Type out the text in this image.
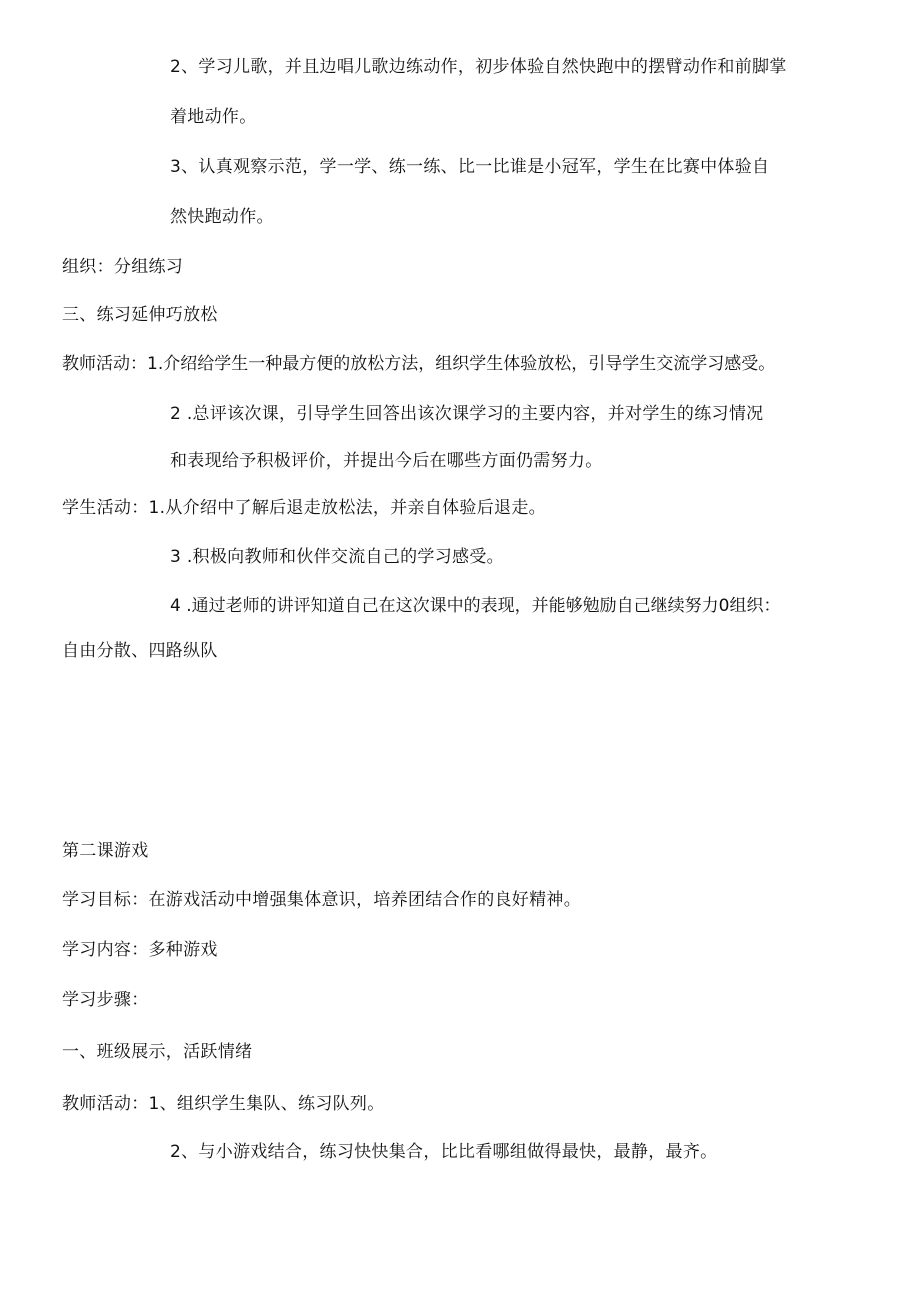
2、学习儿歌，并且边唱儿歌边练动作，初步体验自然快跑中的摆臂动作和前脚掌
着地动作。
3、认真观察示范，学一学、练一练、比一比谁是小冠军，学生在比赛中体验自
然快跑动作。
组织：分组练习
三、练习延伸巧放松
教师活动：1.介绍给学生一种最方便的放松方法，组织学生体验放松，引导学生交流学习感受。
2 .总评该次课，引导学生回答出该次课学习的主要内容，并对学生的练习情况
和表现给予积极评价，并提出今后在哪些方面仍需努力。
学生活动：1.从介绍中了解后退走放松法，并亲自体验后退走。
3 .积极向教师和伙伴交流自己的学习感受。
4 .通过老师的讲评知道自己在这次课中的表现，并能够勉励自己继续努力0组织：
自由分散、四路纵队
第二课游戏
学习目标：在游戏活动中增强集体意识，培养团结合作的良好精神。
学习内容：多种游戏
学习步骤：
一、班级展示，活跃情绪
教师活动：1、组织学生集队、练习队列。
2、与小游戏结合，练习快快集合，比比看哪组做得最快，最静，最齐。
